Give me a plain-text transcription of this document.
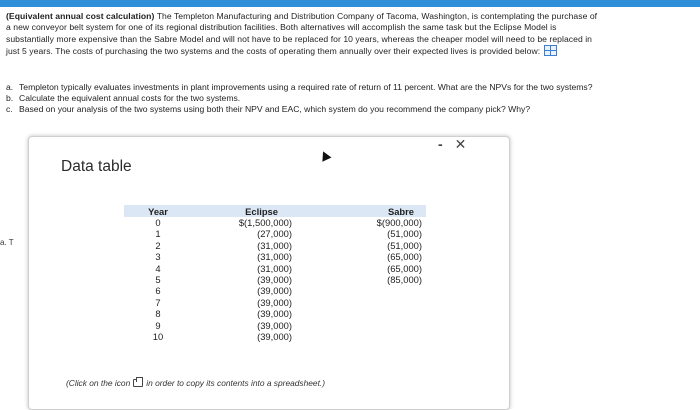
(Equivalent annual cost calculation) The Templeton Manufacturing and Distribution Company of Tacoma, Washington, is contemplating the purchase of
a new conveyor belt system for one of its regional distribution facilities. Both alternatives will accomplish the same task but the Eclipse Model is
substantially more expensive than the Sabre Model and will not have to be replaced for 10 years, whereas the cheaper model will need to be replaced in
just 5 years. The costs of purchasing the two systems and the costs of operating them annually over their expected lives is provided below:
a. Templeton typically evaluates investments in plant improvements using a required rate of return of 11 percent. What are the NPVs for the two systems?
b. Calculate the equivalent annual costs for the two systems.
c. Based on your analysis of the two systems using both their NPV and EAC, which system do you recommend the company pick? Why?
a. T
Data table
- ✕
Year	Eclipse	Sabre
0	$(1,500,000)	$(900,000)
1	(27,000)	(51,000)
2	(31,000)	(51,000)
3	(31,000)	(65,000)
4	(31,000)	(65,000)
5	(39,000)	(85,000)
6	(39,000)	
7	(39,000)	
8	(39,000)	
9	(39,000)	
10	(39,000)	
(Click on the icon in order to copy its contents into a spreadsheet.)
